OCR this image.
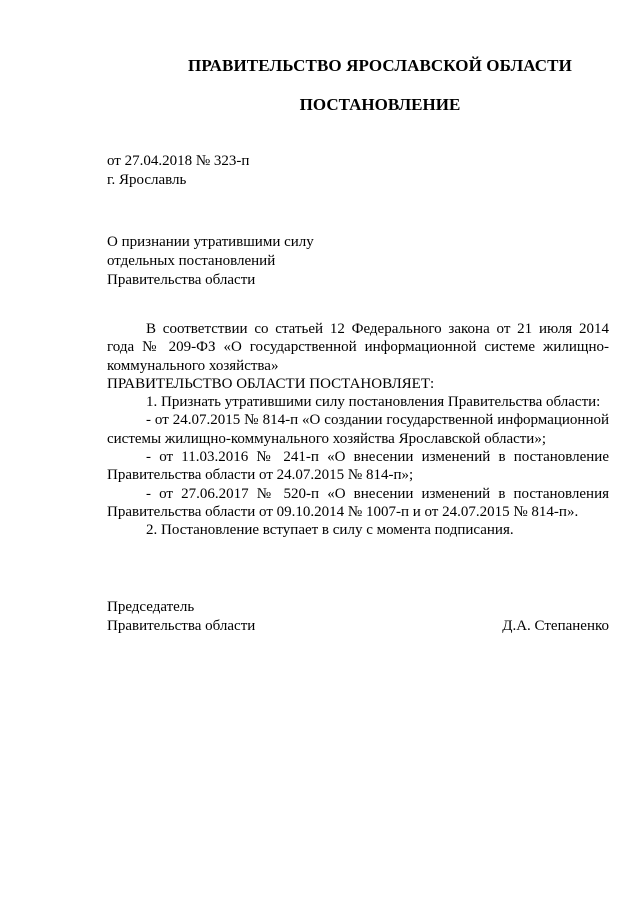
ПРАВИТЕЛЬСТВО ЯРОСЛАВСКОЙ ОБЛАСТИ
ПОСТАНОВЛЕНИЕ
от 27.04.2018 № 323-п
г. Ярославль
О признании утратившими силу
отдельных постановлений
Правительства области

В соответствии со статьей 12 Федерального закона от 21 июля 2014 года № 209-ФЗ «О государственной информационной системе жилищно-коммунального хозяйства»

ПРАВИТЕЛЬСТВО ОБЛАСТИ ПОСТАНОВЛЯЕТ:

1. Признать утратившими силу постановления Правительства области:

- от 24.07.2015 № 814-п «О создании государственной информационной системы жилищно-коммунального хозяйства Ярославской области»;

- от 11.03.2016 № 241-п «О внесении изменений в постановление Правительства области от 24.07.2015 № 814-п»;

- от 27.06.2017 № 520-п «О внесении изменений в постановления Правительства области от 09.10.2014 № 1007-п и от 24.07.2015 № 814-п».

2. Постановление вступает в силу с момента подписания.

Председатель
Правительства области	Д.А. Степаненко
